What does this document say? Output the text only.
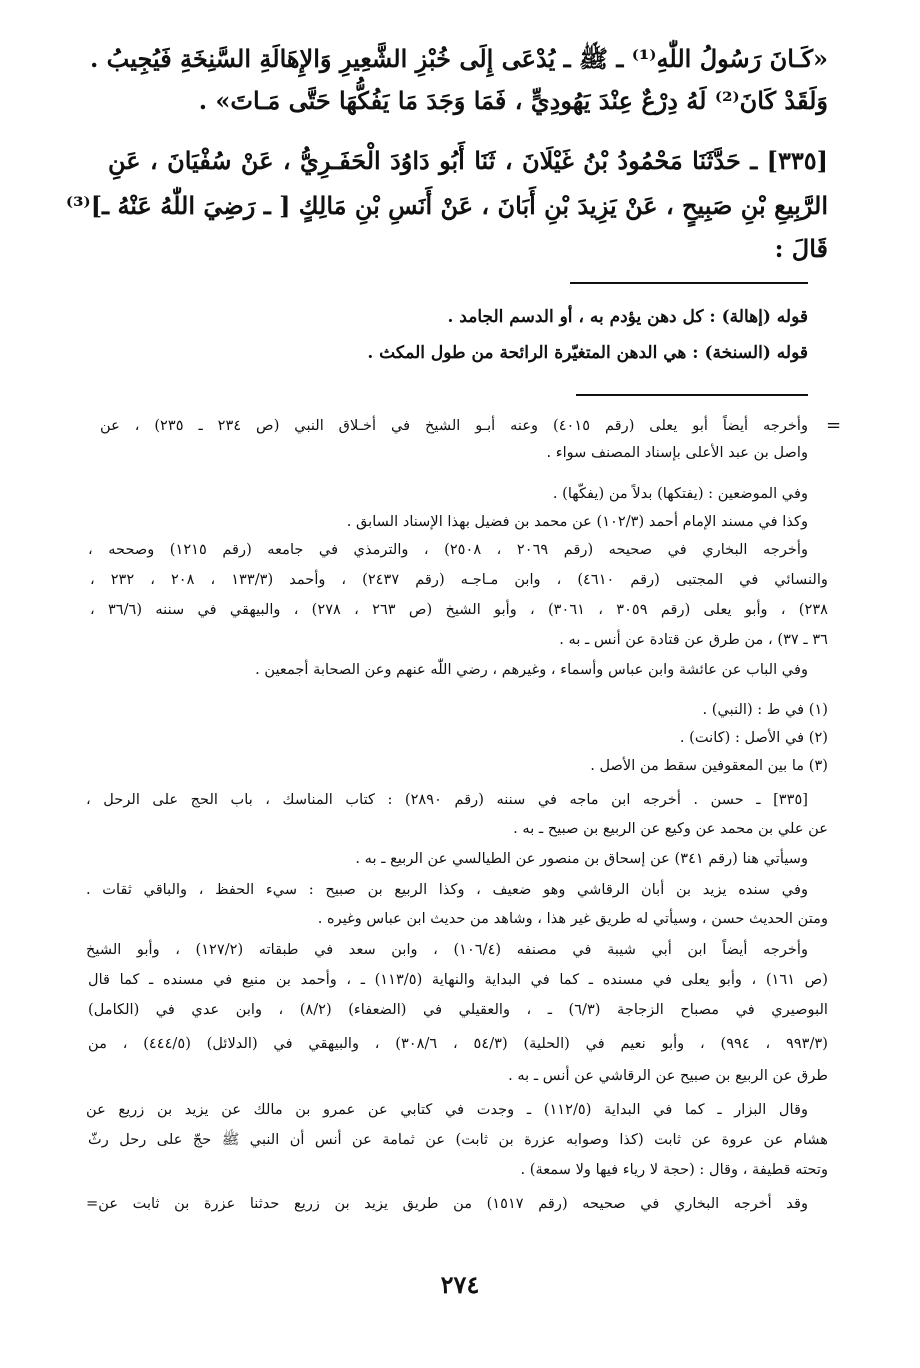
«كَـانَ رَسُولُ اللّٰهِ⁽¹⁾ ـ ﷺ ـ يُدْعَى إِلَى خُبْزِ الشَّعِيرِ وَالإِهَالَةِ السَّنِخَةِ فَيُجِيبُ .
وَلَقَدْ كَانَ⁽²⁾ لَهُ دِرْعٌ عِنْدَ يَهُودِيٍّ ، فَمَا وَجَدَ مَا يَفُكُّهَا حَتَّى مَـاتَ» .
[٣٣٥] ـ حَدَّثَنَا مَحْمُودُ بْنُ غَيْلَانَ ، ثَنَا أَبُو دَاوُدَ الْحَفَـرِيُّ ، عَنْ سُفْيَانَ ، عَنِ
الرَّبِيعِ بْنِ صَبِيحٍ ، عَنْ يَزِيدَ بْنِ أَبَانَ ، عَنْ أَنَسِ بْنِ مَالِكٍ [ ـ رَضِيَ اللّٰهُ عَنْهُ ـ]⁽³⁾
قَالَ :
قوله (إهالة) : كل دهن يؤدم به ، أو الدسم الجامد .
قوله (السنخة) : هي الدهن المتغيّرة الرائحة من طول المكث .
=
وأخرجه أيضاً أبو يعلى (رقم ٤٠١٥) وعنه أبـو الشيخ في أخـلاق النبي (ص ٢٣٤ ـ ٢٣٥) ، عن
واصل بن عبد الأعلى بإسناد المصنف سواء .
وفي الموضعين : (يفتكها) بدلاً من (يفكّها) .
وكذا في مسند الإمام أحمد (١٠٢/٣) عن محمد بن فضيل بهذا الإسناد السابق .
وأخرجه البخاري في صحيحه (رقم ٢٠٦٩ ، ٢٥٠٨) ، والترمذي في جامعه (رقم ١٢١٥) وصححه ،
والنسائي في المجتبى (رقم ٤٦١٠) ، وابن مـاجـه (رقم ٢٤٣٧) ، وأحمد (١٣٣/٣ ، ٢٠٨ ، ٢٣٢ ،
٢٣٨) ، وأبو يعلى (رقم ٣٠٥٩ ، ٣٠٦١) ، وأبو الشيخ (ص ٢٦٣ ، ٢٧٨) ، والبيهقي في سننه (٣٦/٦ ،
٣٦ ـ ٣٧) ، من طرق عن قتادة عن أنس ـ به .
وفي الباب عن عائشة وابن عباس وأسماء ، وغيرهم ، رضي اللّٰه عنهم وعن الصحابة أجمعين .
(١) في ط : (النبي) .
(٢) في الأصل : (كانت) .
(٣) ما بين المعقوفين سقط من الأصل .
[٣٣٥] ـ حسن . أخرجه ابن ماجه في سننه (رقم ٢٨٩٠) : كتاب المناسك ، باب الحج على الرحل ،
عن علي بن محمد عن وكيع عن الربيع بن صبيح ـ به .
وسيأتي هنا (رقم ٣٤١) عن إسحاق بن منصور عن الطيالسي عن الربيع ـ به .
وفي سنده يزيد بن أبان الرقاشي وهو ضعيف ، وكذا الربيع بن صبيح : سيء الحفظ ، والباقي ثقات .
ومتن الحديث حسن ، وسيأتي له طريق غير هذا ، وشاهد من حديث ابن عباس وغيره .
وأخرجه أيضاً ابن أبي شيبة في مصنفه (١٠٦/٤) ، وابن سعد في طبقاته (١٢٧/٢) ، وأبو الشيخ
(ص ١٦١) ، وأبو يعلى في مسنده ـ كما في البداية والنهاية (١١٣/٥) ـ ، وأحمد بن منيع في مسنده ـ كما قال
البوصيري في مصباح الزجاجة (٦/٣) ـ ، والعقيلي في (الضعفاء) (٨/٢) ، وابن عدي في (الكامل)
(٩٩٣/٣ ، ٩٩٤) ، وأبو نعيم في (الحلية) (٥٤/٣ ، ٣٠٨/٦) ، والبيهقي في (الدلائل) (٤٤٤/٥) ، من
طرق عن الربيع بن صبيح عن الرقاشي عن أنس ـ به .
وقال البزار ـ كما في البداية (١١٢/٥) ـ وجدت في كتابي عن عمرو بن مالك عن يزيد بن زريع عن
هشام عن عروة عن ثابت (كذا وصوابه عزرة بن ثابت) عن ثمامة عن أنس أن النبي ﷺ حجّ على رحل رثّ
وتحته قطيفة ، وقال : (حجة لا رياء فيها ولا سمعة) .
وقد أخرجه البخاري في صحيحه (رقم ١٥١٧) من طريق يزيد بن زريع حدثنا عزرة بن ثابت عن=
٢٧٤
